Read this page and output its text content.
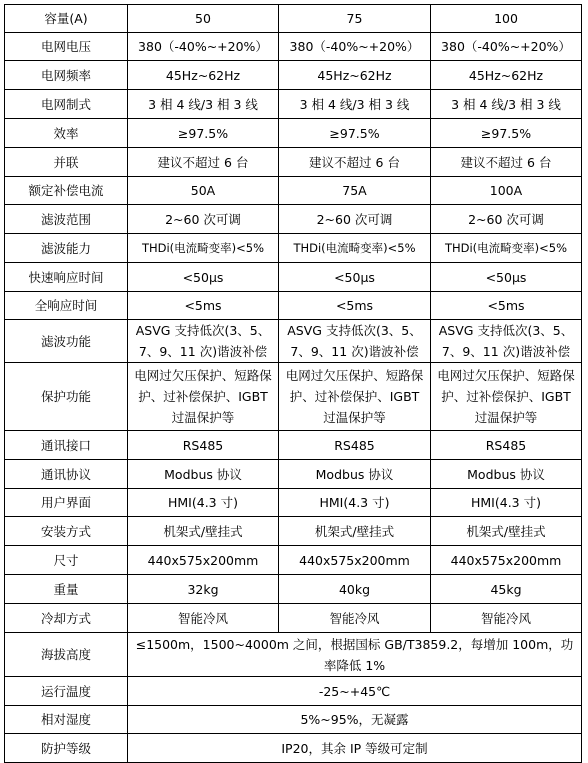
容量(A)	50	75	100
电网电压	380（-40%~+20%）	380（-40%~+20%）	380（-40%~+20%）
电网频率	45Hz~62Hz	45Hz~62Hz	45Hz~62Hz
电网制式	3 相 4 线/3 相 3 线	3 相 4 线/3 相 3 线	3 相 4 线/3 相 3 线
效率	≥97.5%	≥97.5%	≥97.5%
并联	建议不超过 6 台	建议不超过 6 台	建议不超过 6 台
额定补偿电流	50A	75A	100A
滤波范围	2~60 次可调	2~60 次可调	2~60 次可调
滤波能力	THDi(电流畸变率)<5%	THDi(电流畸变率)<5%	THDi(电流畸变率)<5%
快速响应时间	<50μs	<50μs	<50μs
全响应时间	<5ms	<5ms	<5ms
滤波功能	ASVG 支持低次(3、5、7、9、11 次)谐波补偿	ASVG 支持低次(3、5、7、9、11 次)谐波补偿	ASVG 支持低次(3、5、7、9、11 次)谐波补偿
保护功能	电网过欠压保护、短路保护、过补偿保护、IGBT 过温保护等	电网过欠压保护、短路保护、过补偿保护、IGBT 过温保护等	电网过欠压保护、短路保护、过补偿保护、IGBT 过温保护等
通讯接口	RS485	RS485	RS485
通讯协议	Modbus 协议	Modbus 协议	Modbus 协议
用户界面	HMI(4.3 寸)	HMI(4.3 寸)	HMI(4.3 寸)
安装方式	机架式/壁挂式	机架式/壁挂式	机架式/壁挂式
尺寸	440x575x200mm	440x575x200mm	440x575x200mm
重量	32kg	40kg	45kg
冷却方式	智能冷风	智能冷风	智能冷风
海拔高度	≤1500m，1500~4000m 之间，根据国标 GB/T3859.2，每增加 100m，功率降低 1%		
运行温度	-25~+45℃		
相对湿度	5%~95%，无凝露		
防护等级	IP20，其余 IP 等级可定制		
